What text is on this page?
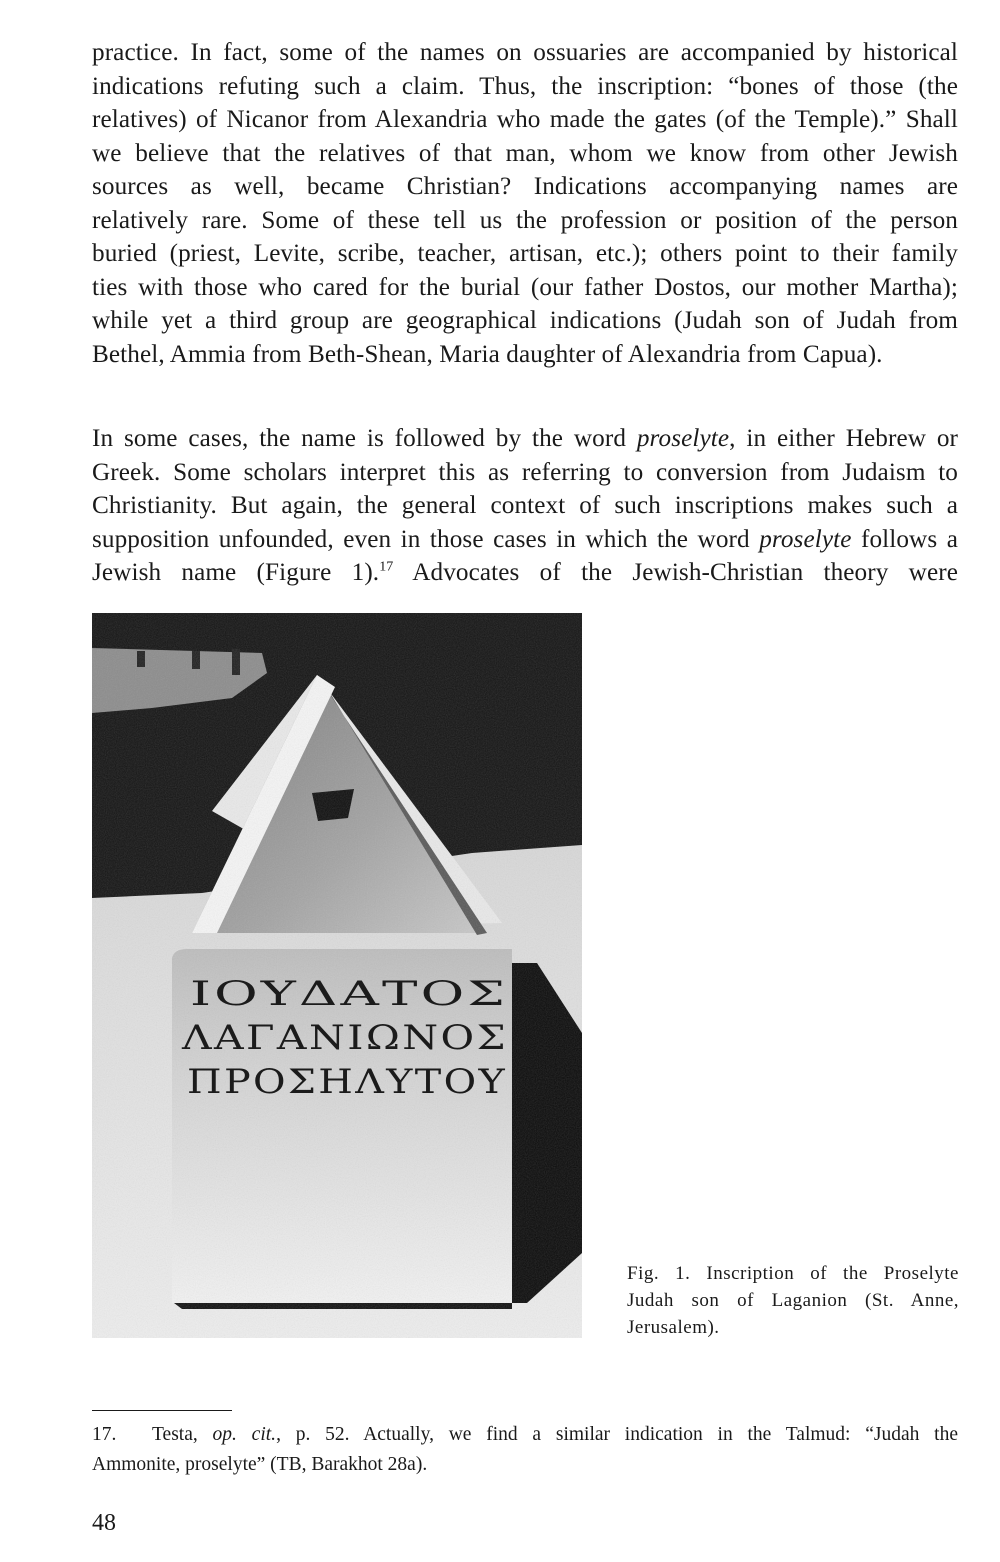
practice. In fact, some of the names on ossuaries are accompanied by historical
indications refuting such a claim. Thus, the inscription: “bones of those (the
relatives) of Nicanor from Alexandria who made the gates (of the Temple).” Shall
we believe that the relatives of that man, whom we know from other Jewish
sources as well, became Christian? Indications accompanying names are
relatively rare. Some of these tell us the profession or position of the person
buried (priest, Levite, scribe, teacher, artisan, etc.); others point to their family
ties with those who cared for the burial (our father Dostos, our mother Martha);
while yet a third group are geographical indications (Judah son of Judah from
Bethel, Ammia from Beth-Shean, Maria daughter of Alexandria from Capua).
In some cases, the name is followed by the word proselyte, in either Hebrew or
Greek. Some scholars interpret this as referring to conversion from Judaism to
Christianity. But again, the general context of such inscriptions makes such a
supposition unfounded, even in those cases in which the word proselyte follows a
Jewish name (Figure 1).$^{17}$ Advocates of the Jewish-Christian theory were
ΙΟΥΔΑΤΟΣ
ΛΑΓΑΝΙΩΝΟΣ
ΠΡΟΣΗΛΥΤΟΥ
Fig. 1. Inscription of the Proselyte
Judah son of Laganion (St. Anne,
Jerusalem).
17. Testa, op. cit., p. 52. Actually, we find a similar indication in the Talmud: “Judah the
Ammonite, proselyte” (TB, Barakhot 28a).
48
